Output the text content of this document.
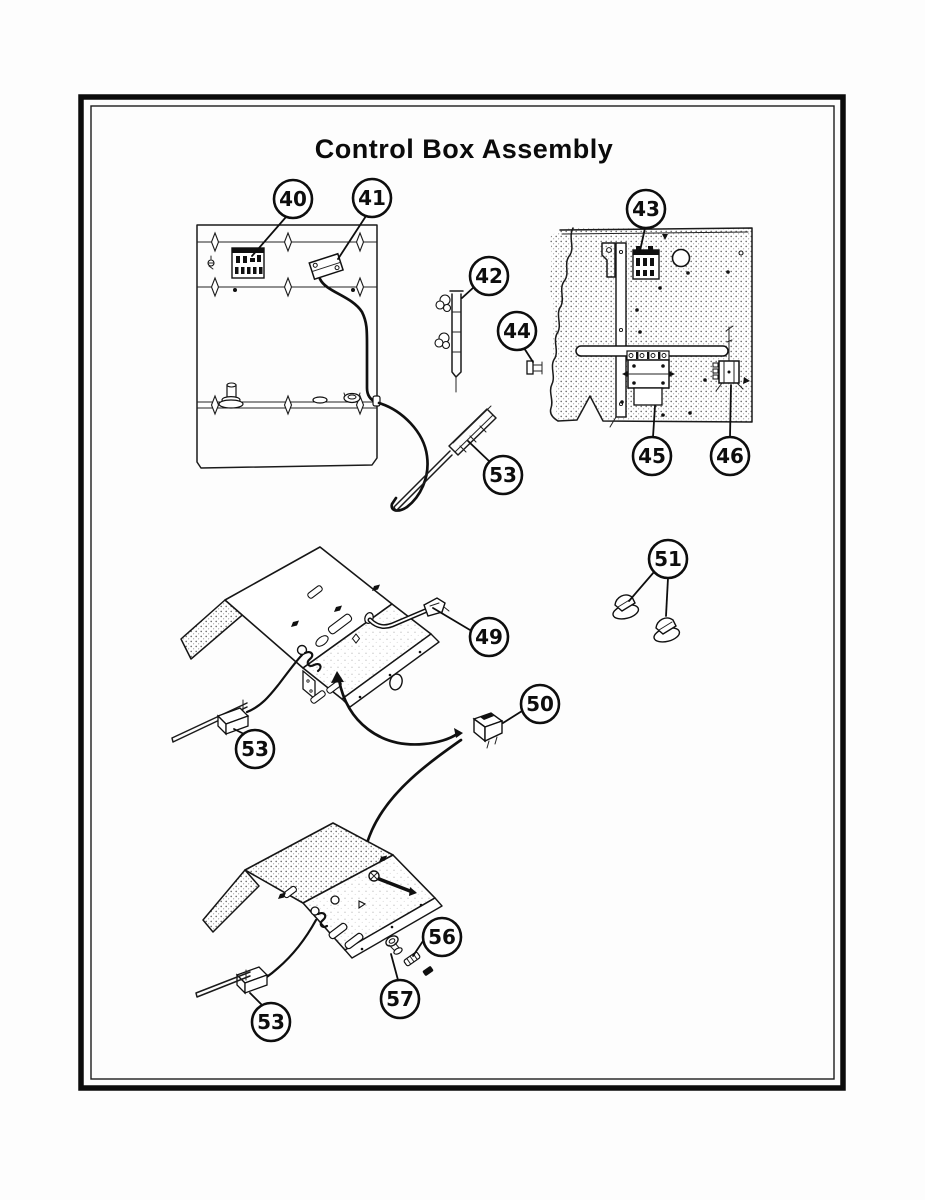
Control Box Assembly
40	41
42
43
44
45	46
53
49
51
50
53
56
57
53
